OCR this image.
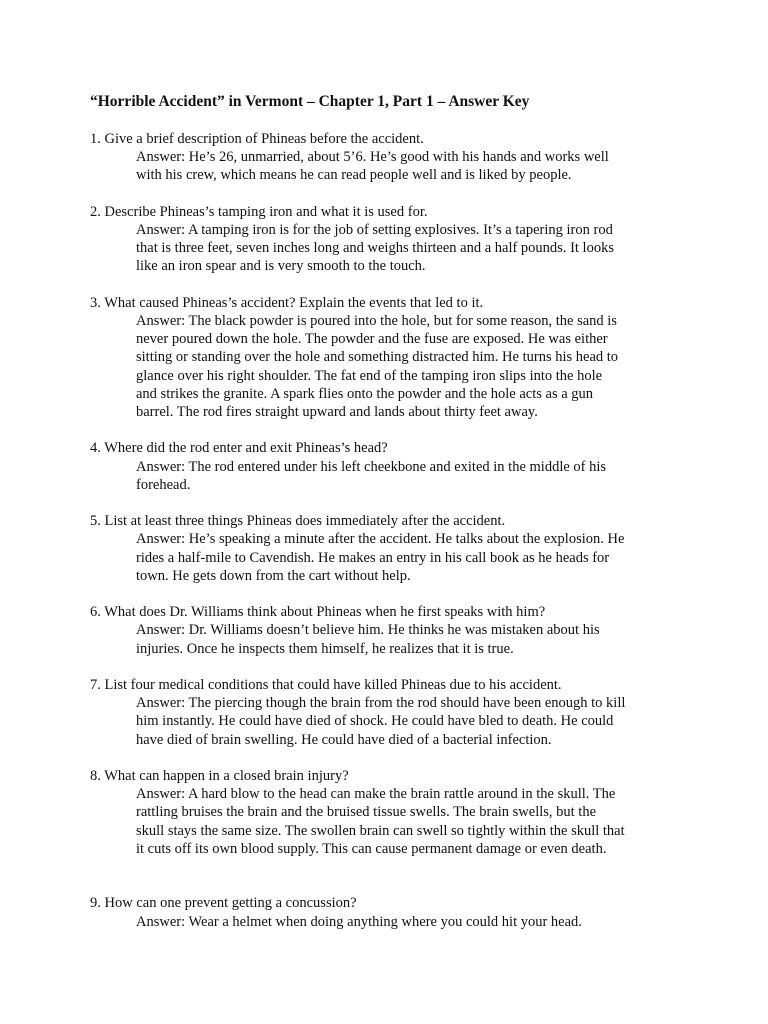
“Horrible Accident” in Vermont – Chapter 1, Part 1 – Answer Key
1. Give a brief description of Phineas before the accident.
Answer: He’s 26, unmarried, about 5’6. He’s good with his hands and works well
with his crew, which means he can read people well and is liked by people.
2. Describe Phineas’s tamping iron and what it is used for.
Answer: A tamping iron is for the job of setting explosives. It’s a tapering iron rod
that is three feet, seven inches long and weighs thirteen and a half pounds. It looks
like an iron spear and is very smooth to the touch.
3. What caused Phineas’s accident? Explain the events that led to it.
Answer: The black powder is poured into the hole, but for some reason, the sand is
never poured down the hole. The powder and the fuse are exposed. He was either
sitting or standing over the hole and something distracted him. He turns his head to
glance over his right shoulder. The fat end of the tamping iron slips into the hole
and strikes the granite. A spark flies onto the powder and the hole acts as a gun
barrel. The rod fires straight upward and lands about thirty feet away.
4. Where did the rod enter and exit Phineas’s head?
Answer: The rod entered under his left cheekbone and exited in the middle of his
forehead.
5. List at least three things Phineas does immediately after the accident.
Answer: He’s speaking a minute after the accident. He talks about the explosion. He
rides a half-mile to Cavendish. He makes an entry in his call book as he heads for
town. He gets down from the cart without help.
6. What does Dr. Williams think about Phineas when he first speaks with him?
Answer: Dr. Williams doesn’t believe him. He thinks he was mistaken about his
injuries. Once he inspects them himself, he realizes that it is true.
7. List four medical conditions that could have killed Phineas due to his accident.
Answer: The piercing though the brain from the rod should have been enough to kill
him instantly. He could have died of shock. He could have bled to death. He could
have died of brain swelling. He could have died of a bacterial infection.
8. What can happen in a closed brain injury?
Answer: A hard blow to the head can make the brain rattle around in the skull. The
rattling bruises the brain and the bruised tissue swells. The brain swells, but the
skull stays the same size. The swollen brain can swell so tightly within the skull that
it cuts off its own blood supply. This can cause permanent damage or even death.
9. How can one prevent getting a concussion?
Answer: Wear a helmet when doing anything where you could hit your head.
